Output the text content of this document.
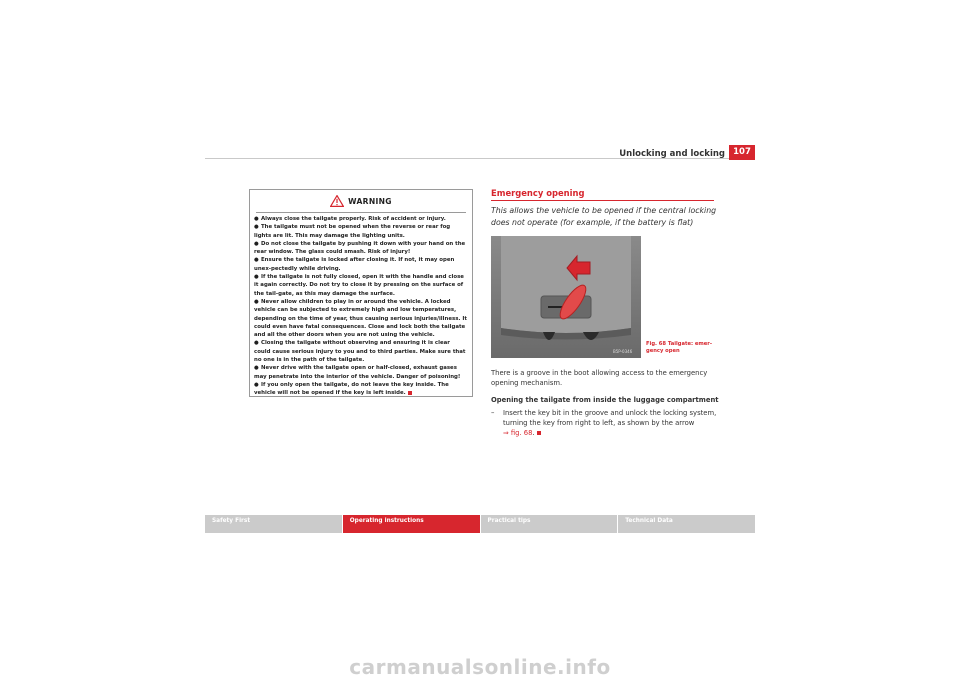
Unlocking and locking 107
WARNING
● Always close the tailgate properly. Risk of accident or injury.
● The tailgate must not be opened when the reverse or rear fog lights are lit. This may damage the lighting units.
● Do not close the tailgate by pushing it down with your hand on the rear window. The glass could smash. Risk of injury!
● Ensure the tailgate is locked after closing it. If not, it may open unex-pectedly while driving.
● If the tailgate is not fully closed, open it with the handle and close it again correctly. Do not try to close it by pressing on the surface of the tail-gate, as this may damage the surface.
● Never allow children to play in or around the vehicle. A locked vehicle can be subjected to extremely high and low temperatures, depending on the time of year, thus causing serious injuries/illness. It could even have fatal consequences. Close and lock both the tailgate and all the other doors when you are not using the vehicle.
● Closing the tailgate without observing and ensuring it is clear could cause serious injury to you and to third parties. Make sure that no one is in the path of the tailgate.
● Never drive with the tailgate open or half-closed, exhaust gases may penetrate into the interior of the vehicle. Danger of poisoning!
● If you only open the tailgate, do not leave the key inside. The vehicle will not be opened if the key is left inside.
Emergency opening
This allows the vehicle to be opened if the central locking does not operate (for example, if the battery is flat)
B5P-0346
Fig. 68 Tailgate: emer-gency open
There is a groove in the boot allowing access to the emergency opening mechanism.
Opening the tailgate from inside the luggage compartment
– Insert the key bit in the groove and unlock the locking system, turning the key from right to left, as shown by the arrow
⇒ fig. 68.
Safety First	Operating instructions	Practical tips	Technical Data
carmanualsonline.info
